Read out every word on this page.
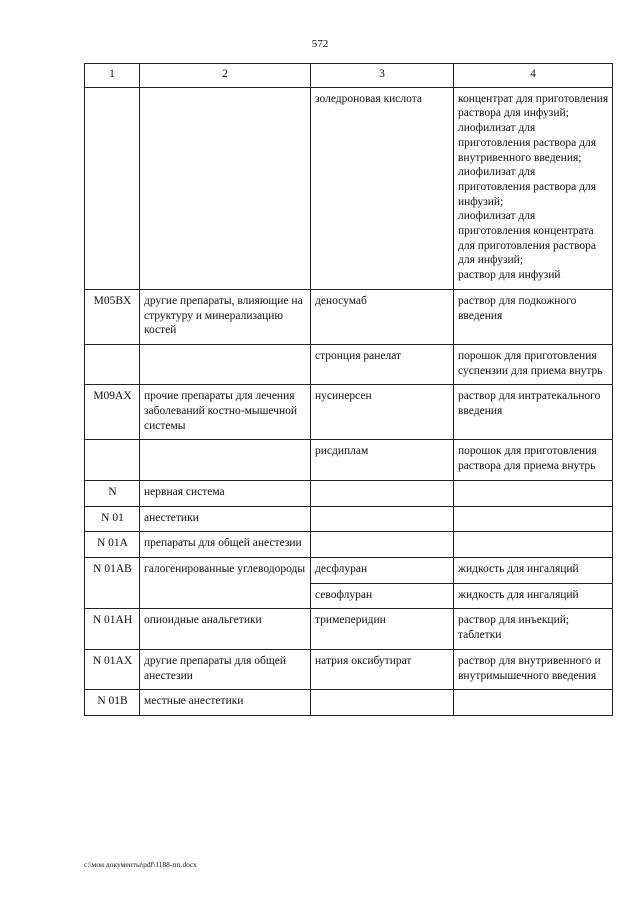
572
1	2	3	4
		золедроновая кислота	концентрат для приготовления раствора для инфузий;
лиофилизат для приготовления раствора для внутривенного введения;
лиофилизат для приготовления раствора для инфузий;
лиофилизат для приготовления концентрата для приготовления раствора для инфузий;
раствор для инфузий

M05BX	другие препараты, влияющие на структуру и минерализацию костей	деносумаб	раствор для подкожного введения

		стронция ранелат	порошок для приготовления суспензии для приема внутрь

M09AX	прочие препараты для лечения заболеваний костно-мышечной системы	нусинерсен	раствор для интратекального введения

		рисдиплам	порошок для приготовления раствора для приема внутрь

N	нервная система		
N 01	анестетики		
N 01A	препараты для общей анестезии		
N 01AB	галогенированные углеводороды	десфлуран	жидкость для ингаляций

		севофлуран	жидкость для ингаляций

N 01AH	опиоидные анальгетики	тримеперидин	раствор для инъекций;
таблетки

N 01AX	другие препараты для общей анестезии	натрия оксибутират	раствор для внутривенного и внутримышечного введения

N 01B	местные анестетики		
c:\мои документы\pdf\1188-пп.docx
